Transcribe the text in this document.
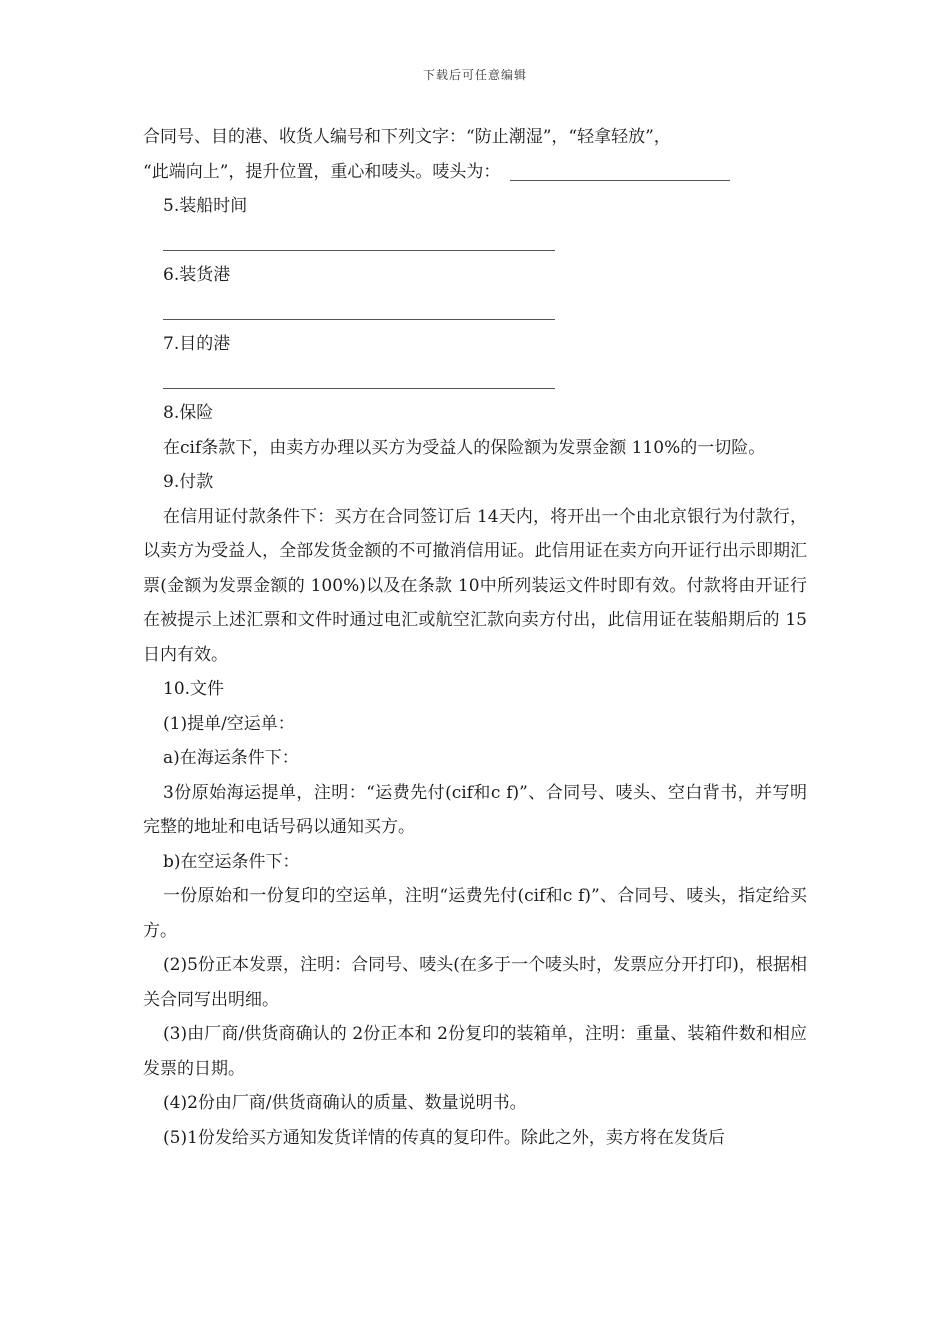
下载后可任意编辑

合同号、目的港、收货人编号和下列文字：“防止潮湿”，“轻拿轻放”，

“此端向上”，提升位置，重心和唛头。唛头为：

5.装船时间

6.装货港

7.目的港

8.保险

在cif条款下，由卖方办理以买方为受益人的保险额为发票金额 110%的一切险。

9.付款

在信用证付款条件下：买方在合同签订后 14天内，将开出一个由北京银行为付款行，以卖方为受益人，全部发货金额的不可撤消信用证。此信用证在卖方向开证行出示即期汇票(金额为发票金额的 100%)以及在条款 10中所列装运文件时即有效。付款将由开证行在被提示上述汇票和文件时通过电汇或航空汇款向卖方付出，此信用证在装船期后的 15日内有效。

10.文件

(1)提单/空运单：

a)在海运条件下：

3份原始海运提单，注明：“运费先付(cif和c f)”、合同号、唛头、空白背书，并写明完整的地址和电话号码以通知买方。

b)在空运条件下：

一份原始和一份复印的空运单，注明“运费先付(cif和c f)”、合同号、唛头，指定给买方。

(2)5份正本发票，注明：合同号、唛头(在多于一个唛头时，发票应分开打印)，根据相关合同写出明细。

(3)由厂商/供货商确认的 2份正本和 2份复印的装箱单，注明：重量、装箱件数和相应发票的日期。

(4)2份由厂商/供货商确认的质量、数量说明书。

(5)1份发给买方通知发货详情的传真的复印件。除此之外，卖方将在发货后
